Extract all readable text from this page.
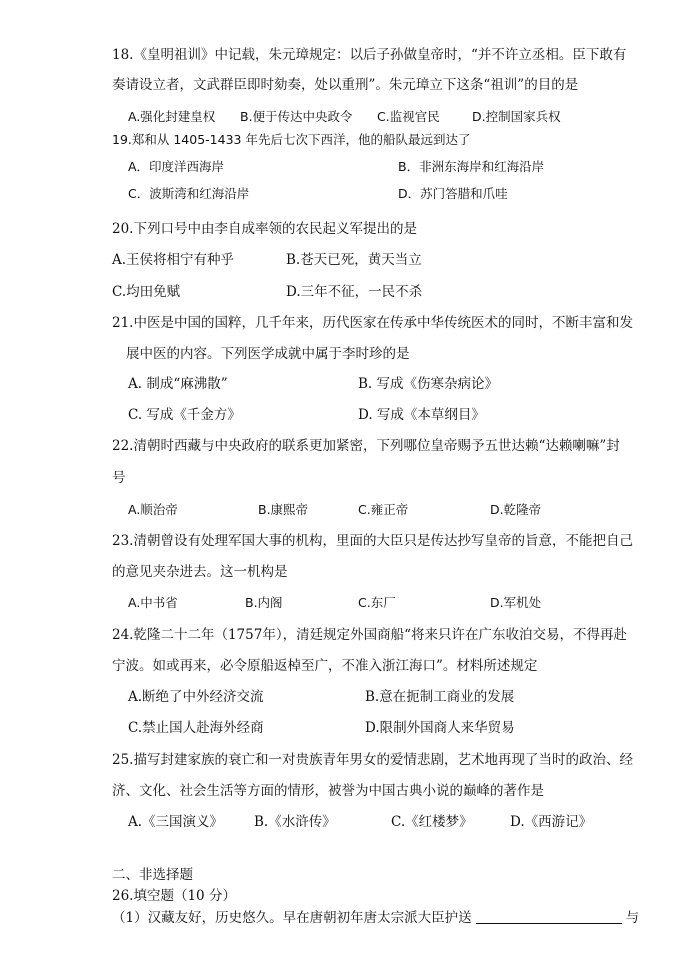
18.《皇明祖训》中记载，朱元璋规定：以后子孙做皇帝时，“并不许立丞相。臣下敢有
奏请设立者，文武群臣即时劾奏，处以重刑”。朱元璋立下这条“祖训”的目的是
A.强化封建皇权 B.便于传达中央政令 C.监视官民	D.控制国家兵权
19.郑和从 1405-1433 年先后七次下西洋，他的船队最远到达了
A．印度洋西海岸	B．非洲东海岸和红海沿岸
C．波斯湾和红海沿岸	D．苏门答腊和爪哇
20.下列口号中由李自成率领的农民起义军提出的是
A.王侯将相宁有种乎	B.苍天已死，黄天当立
C.均田免赋	D.三年不征，一民不杀
21.中医是中国的国粹，几千年来，历代医家在传承中华传统医术的同时，不断丰富和发
展中医的内容。下列医学成就中属于李时珍的是
A. 制成“麻沸散”	B. 写成《伤寒杂病论》
C. 写成《千金方》	D. 写成《本草纲目》
22.清朝时西藏与中央政府的联系更加紧密，下列哪位皇帝赐予五世达赖“达赖喇嘛”封
号
A.顺治帝	B.康熙帝	C.雍正帝	D.乾隆帝
23.清朝曾设有处理军国大事的机构，里面的大臣只是传达抄写皇帝的旨意，不能把自己
的意见夹杂进去。这一机构是
A.中书省	B.内阁	C.东厂	D.军机处
24.乾隆二十二年（1757年），清廷规定外国商船“将来只许在广东收泊交易，不得再赴
宁波。如或再来，必令原船返棹至广，不准入浙江海口”。材料所述规定
A.断绝了中外经济交流	B.意在扼制工商业的发展
C.禁止国人赴海外经商	D.限制外国商人来华贸易
25.描写封建家族的衰亡和一对贵族青年男女的爱情悲剧，艺术地再现了当时的政治、经
济、文化、社会生活等方面的情形，被誉为中国古典小说的巅峰的著作是
A.《三国演义》 B.《水浒传》	C.《红楼梦》	D.《西游记》
二、非选择题
26.填空题（10 分）
（1）汉藏友好，历史悠久。早在唐朝初年唐太宗派大臣护送	与
